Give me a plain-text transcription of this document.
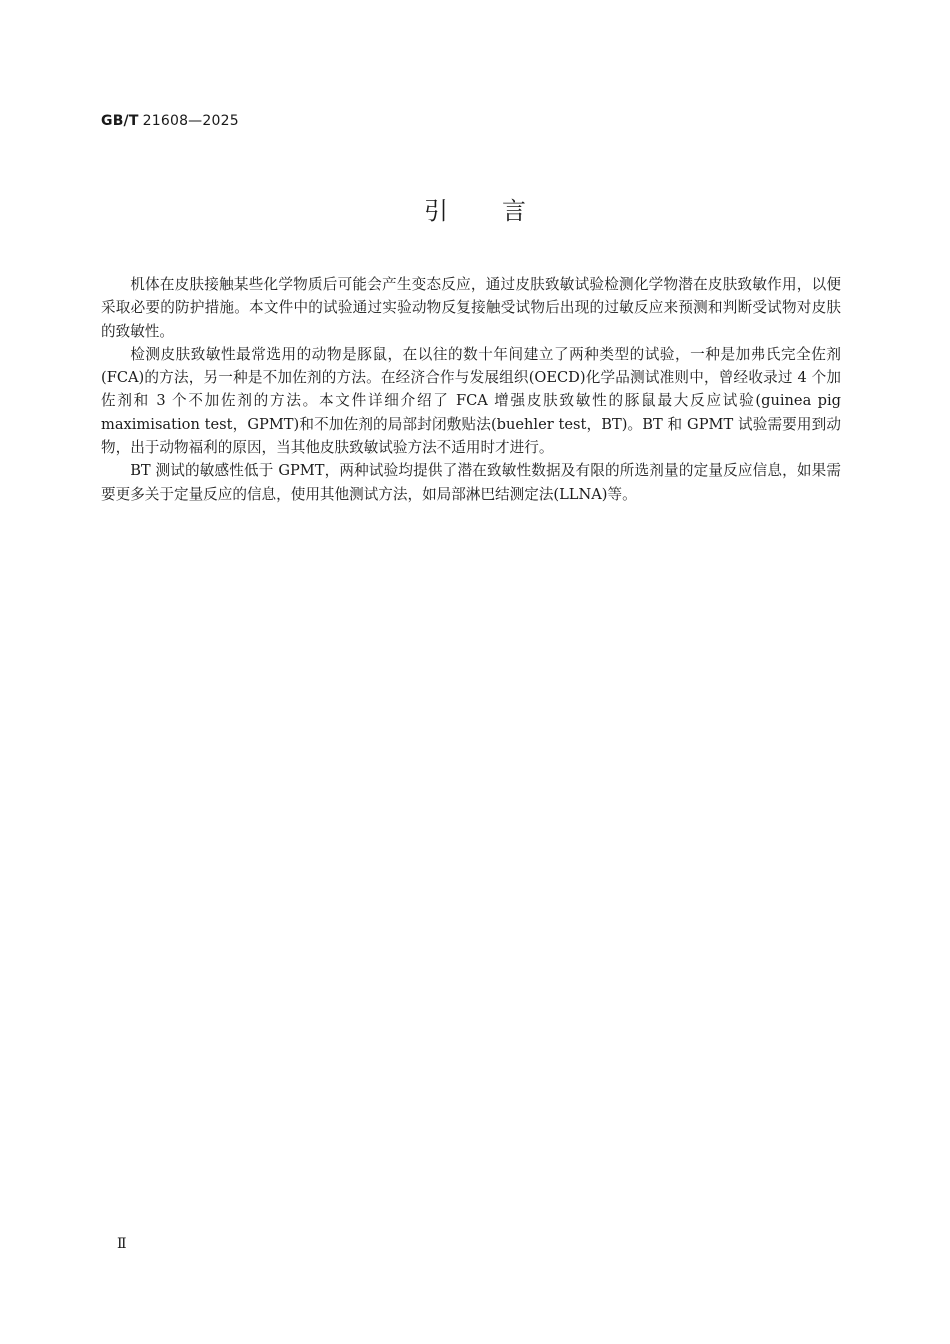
GB/T 21608—2025
引言

机体在皮肤接触某些化学物质后可能会产生变态反应，通过皮肤致敏试验检测化学物潜在皮肤致敏作用，以便采取必要的防护措施。本文件中的试验通过实验动物反复接触受试物后出现的过敏反应来预测和判断受试物对皮肤的致敏性。

检测皮肤致敏性最常选用的动物是豚鼠，在以往的数十年间建立了两种类型的试验，一种是加弗氏完全佐剂(FCA)的方法，另一种是不加佐剂的方法。在经济合作与发展组织(OECD)化学品测试准则中，曾经收录过 4 个加佐剂和 3 个不加佐剂的方法。本文件详细介绍了 FCA 增强皮肤致敏性的豚鼠最大反应试验(guinea pig maximisation test，GPMT)和不加佐剂的局部封闭敷贴法(buehler test，BT)。BT 和 GPMT 试验需要用到动物，出于动物福利的原因，当其他皮肤致敏试验方法不适用时才进行。

BT 测试的敏感性低于 GPMT，两种试验均提供了潜在致敏性数据及有限的所选剂量的定量反应信息，如果需要更多关于定量反应的信息，使用其他测试方法，如局部淋巴结测定法(LLNA)等。

Ⅱ
